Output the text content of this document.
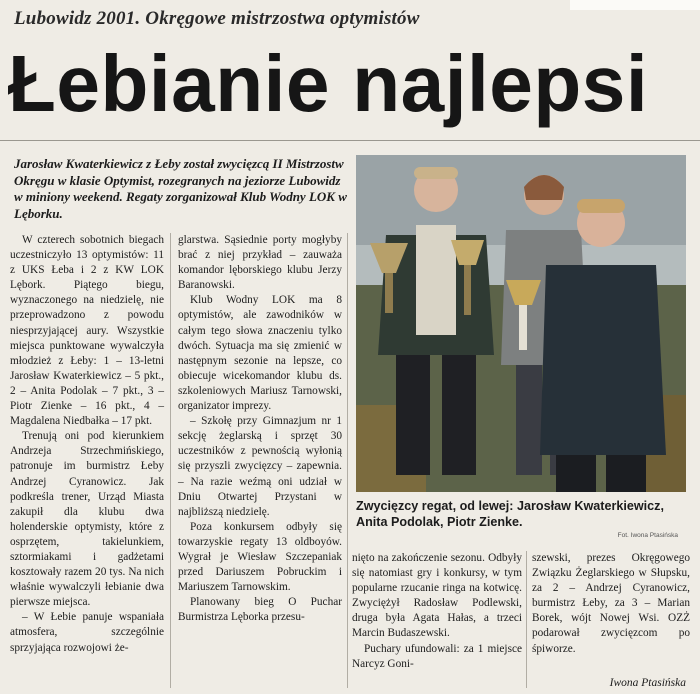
Lubowidz 2001. Okręgowe mistrzostwa optymistów
Łebianie najlepsi

Jarosław Kwaterkiewicz z Łeby został zwycięzcą II Mistrzostw Okręgu w klasie Optymist, rozegranych na jeziorze Lubowidz w miniony weekend. Regaty zorganizował Klub Wodny LOK w Lęborku.

W czterech sobotnich biegach uczestniczyło 13 optymistów: 11 z UKS Łeba i 2 z KW LOK Lębork. Piątego biegu, wyznaczonego na niedzielę, nie przeprowadzono z powodu niesprzyjającej aury. Wszystkie miejsca punktowane wywalczyła młodzież z Łeby: 1 – 13-letni Jarosław Kwaterkiewicz – 5 pkt., 2 – Anita Podolak – 7 pkt., 3 – Piotr Zienke – 16 pkt., 4 – Magdalena Niedbałka – 17 pkt.

Trenują oni pod kierunkiem Andrzeja Strzechmińskiego, patronuje im burmistrz Łeby Andrzej Cyranowicz. Jak podkreśla trener, Urząd Miasta zakupił dla klubu dwa holenderskie optymisty, które z osprzętem, takielunkiem, sztormiakami i gadżetami kosztowały razem 20 tys. Na nich właśnie wywalczyli łebianie dwa pierwsze miejsca.

– W Łebie panuje wspaniała atmosfera, szczególnie sprzyjająca rozwojowi że-

glarstwa. Sąsiednie porty mogłyby brać z niej przykład – zauważa komandor lęborskiego klubu Jerzy Baranowski.

Klub Wodny LOK ma 8 optymistów, ale zawodników w całym tego słowa znaczeniu tylko dwóch. Sytuacja ma się zmienić w następnym sezonie na lepsze, co obiecuje wicekomandor klubu ds. szkoleniowych Mariusz Tarnowski, organizator imprezy.

– Szkołę przy Gimnazjum nr 1 sekcję żeglarską i sprzęt 30 uczestników z pewnością wyłonią się przyszli zwycięzcy – zapewnia. – Na razie weźmą oni udział w Dniu Otwartej Przystani w najbliższą niedzielę.

Poza konkursem odbyły się towarzyskie regaty 13 oldboyów. Wygrał je Wiesław Szczepaniak przed Dariuszem Pobruckim i Mariuszem Tarnowskim.

Planowany bieg O Puchar Burmistrza Lęborka przesu-

Zwycięzcy regat, od lewej: Jarosław Kwaterkiewicz, Anita Podolak, Piotr Zienke.

Fot. Iwona Ptasińska

nięto na zakończenie sezonu. Odbyły się natomiast gry i konkursy, w tym popularne rzucanie ringa na kotwicę. Zwyciężył Radosław Podlewski, druga była Agata Hałas, a trzeci Marcin Budaszewski.

Puchary ufundowali: za 1 miejsce Narcyz Goni-

szewski, prezes Okręgowego Związku Żeglarskiego w Słupsku, za 2 – Andrzej Cyranowicz, burmistrz Łeby, za 3 – Marian Borek, wójt Nowej Wsi. OZŻ podarował zwycięzcom po śpiworze.

Iwona Ptasińska
